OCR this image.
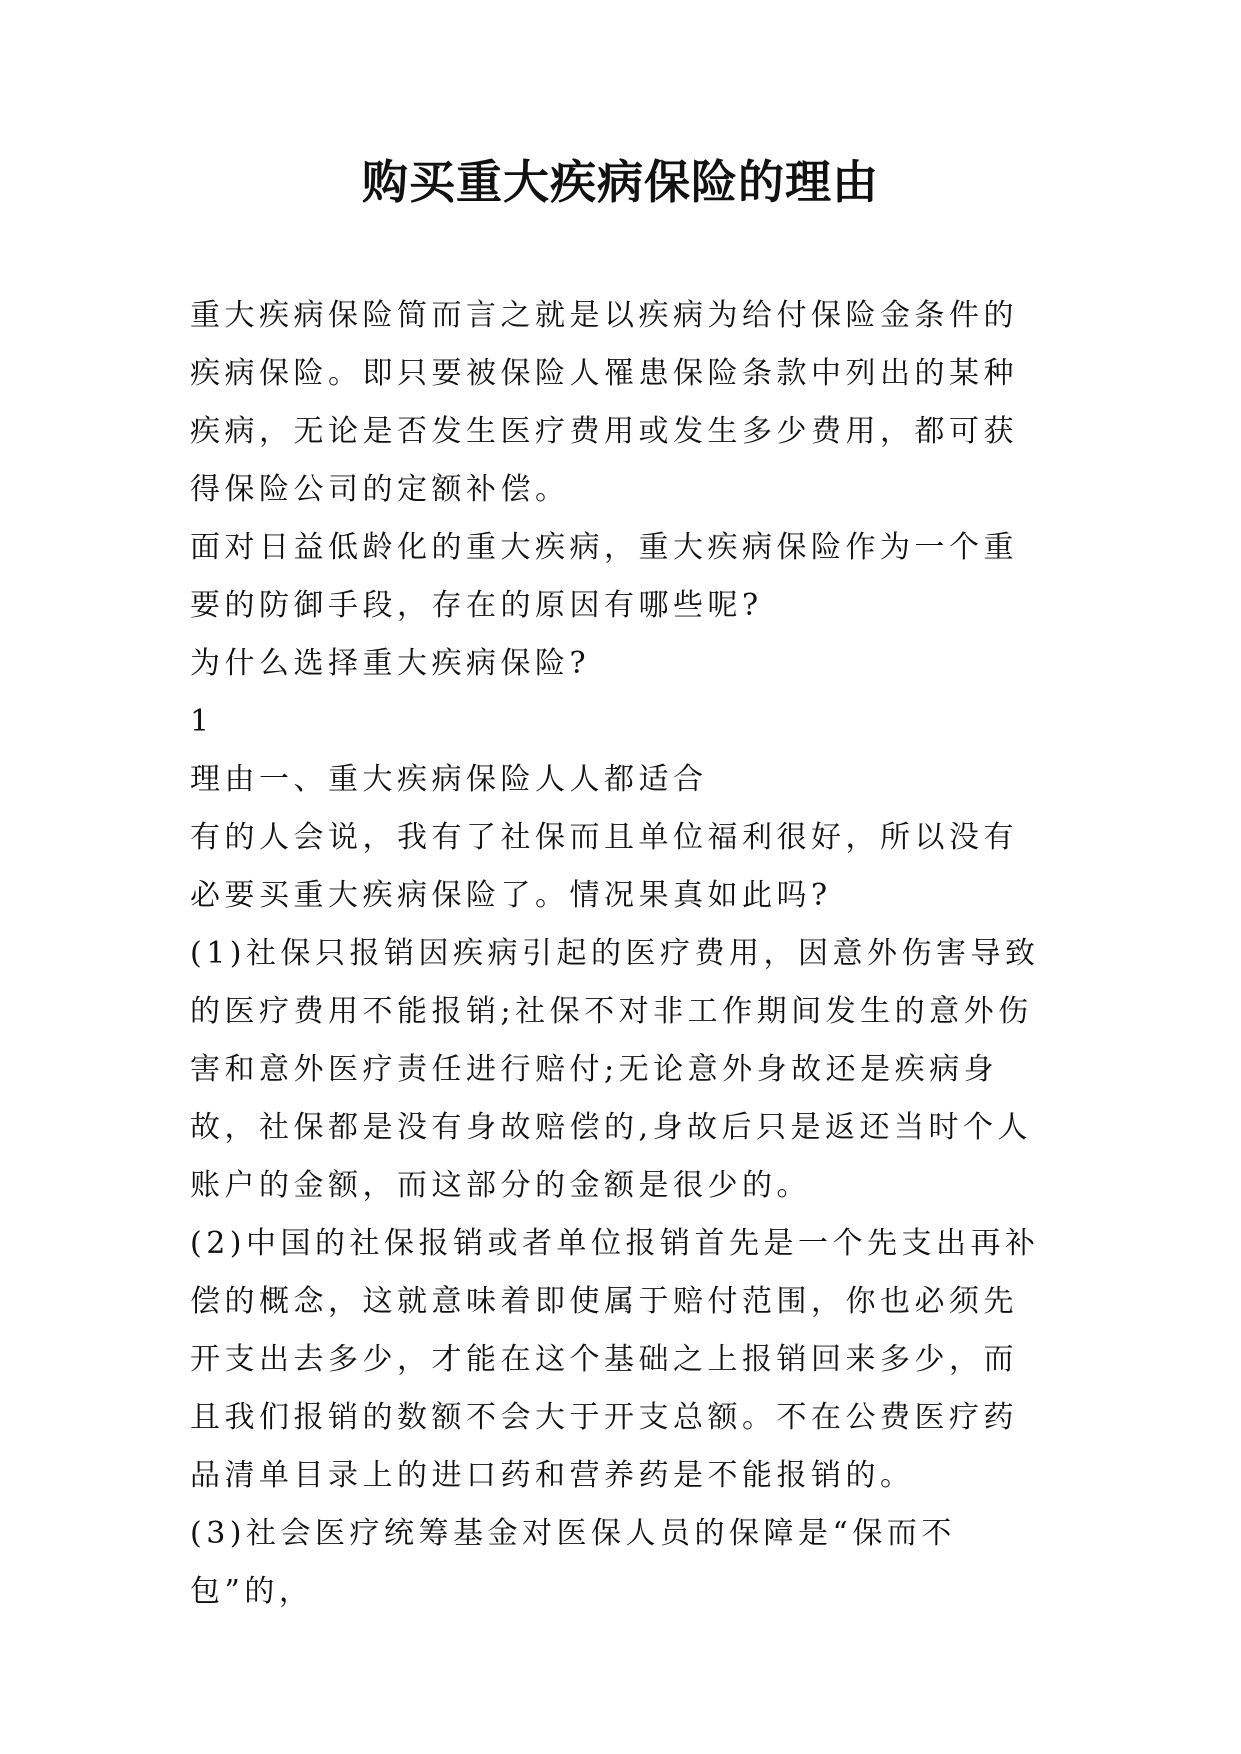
购买重大疾病保险的理由

重大疾病保险简而言之就是以疾病为给付保险金条件的疾病保险。即只要被保险人罹患保险条款中列出的某种疾病，无论是否发生医疗费用或发生多少费用，都可获得保险公司的定额补偿。

面对日益低龄化的重大疾病，重大疾病保险作为一个重要的防御手段，存在的原因有哪些呢?

为什么选择重大疾病保险?

1

理由一、重大疾病保险人人都适合

有的人会说，我有了社保而且单位福利很好，所以没有必要买重大疾病保险了。情况果真如此吗?

(1)社保只报销因疾病引起的医疗费用，因意外伤害导致的医疗费用不能报销;社保不对非工作期间发生的意外伤害和意外医疗责任进行赔付;无论意外身故还是疾病身故，社保都是没有身故赔偿的,身故后只是返还当时个人账户的金额，而这部分的金额是很少的。

(2)中国的社保报销或者单位报销首先是一个先支出再补偿的概念，这就意味着即使属于赔付范围，你也必须先开支出去多少，才能在这个基础之上报销回来多少，而且我们报销的数额不会大于开支总额。不在公费医疗药品清单目录上的进口药和营养药是不能报销的。

(3)社会医疗统筹基金对医保人员的保障是“保而不包”的，
